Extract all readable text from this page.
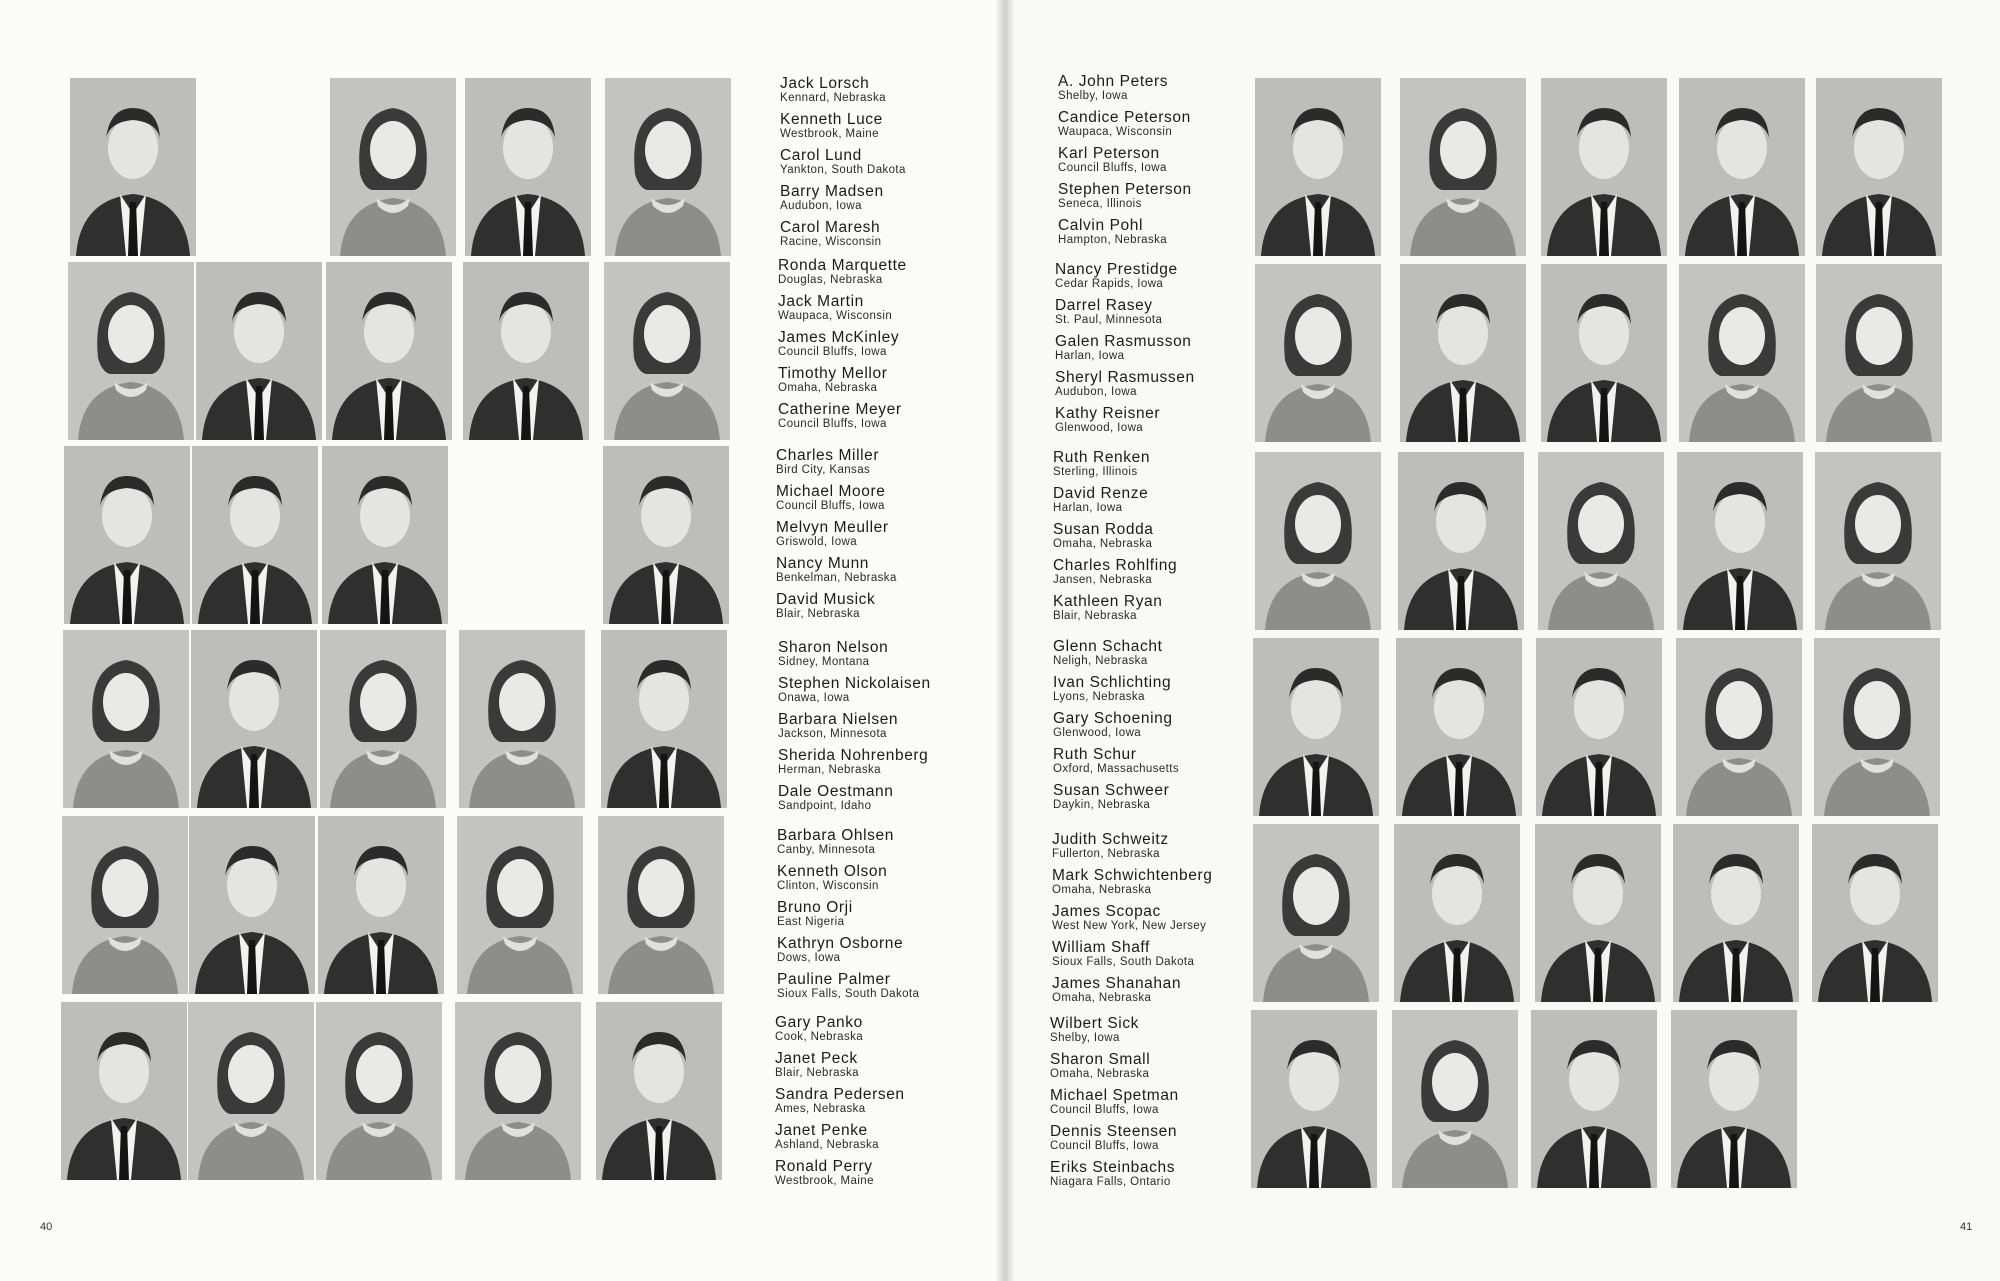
Jack Lorsch
Kennard, Nebraska
Kenneth Luce
Westbrook, Maine
Carol Lund
Yankton, South Dakota
Barry Madsen
Audubon, Iowa
Carol Maresh
Racine, Wisconsin
Ronda Marquette
Douglas, Nebraska
Jack Martin
Waupaca, Wisconsin
James McKinley
Council Bluffs, Iowa
Timothy Mellor
Omaha, Nebraska
Catherine Meyer
Council Bluffs, Iowa
Charles Miller
Bird City, Kansas
Michael Moore
Council Bluffs, Iowa
Melvyn Meuller
Griswold, Iowa
Nancy Munn
Benkelman, Nebraska
David Musick
Blair, Nebraska
Sharon Nelson
Sidney, Montana
Stephen Nickolaisen
Onawa, Iowa
Barbara Nielsen
Jackson, Minnesota
Sherida Nohrenberg
Herman, Nebraska
Dale Oestmann
Sandpoint, Idaho
Barbara Ohlsen
Canby, Minnesota
Kenneth Olson
Clinton, Wisconsin
Bruno Orji
East Nigeria
Kathryn Osborne
Dows, Iowa
Pauline Palmer
Sioux Falls, South Dakota
Gary Panko
Cook, Nebraska
Janet Peck
Blair, Nebraska
Sandra Pedersen
Ames, Nebraska
Janet Penke
Ashland, Nebraska
Ronald Perry
Westbrook, Maine
A. John Peters
Shelby, Iowa
Candice Peterson
Waupaca, Wisconsin
Karl Peterson
Council Bluffs, Iowa
Stephen Peterson
Seneca, Illinois
Calvin Pohl
Hampton, Nebraska
Nancy Prestidge
Cedar Rapids, Iowa
Darrel Rasey
St. Paul, Minnesota
Galen Rasmusson
Harlan, Iowa
Sheryl Rasmussen
Audubon, Iowa
Kathy Reisner
Glenwood, Iowa
Ruth Renken
Sterling, Illinois
David Renze
Harlan, Iowa
Susan Rodda
Omaha, Nebraska
Charles Rohlfing
Jansen, Nebraska
Kathleen Ryan
Blair, Nebraska
Glenn Schacht
Neligh, Nebraska
Ivan Schlichting
Lyons, Nebraska
Gary Schoening
Glenwood, Iowa
Ruth Schur
Oxford, Massachusetts
Susan Schweer
Daykin, Nebraska
Judith Schweitz
Fullerton, Nebraska
Mark Schwichtenberg
Omaha, Nebraska
James Scopac
West New York, New Jersey
William Shaff
Sioux Falls, South Dakota
James Shanahan
Omaha, Nebraska
Wilbert Sick
Shelby, Iowa
Sharon Small
Omaha, Nebraska
Michael Spetman
Council Bluffs, Iowa
Dennis Steensen
Council Bluffs, Iowa
Eriks Steinbachs
Niagara Falls, Ontario
40	41
